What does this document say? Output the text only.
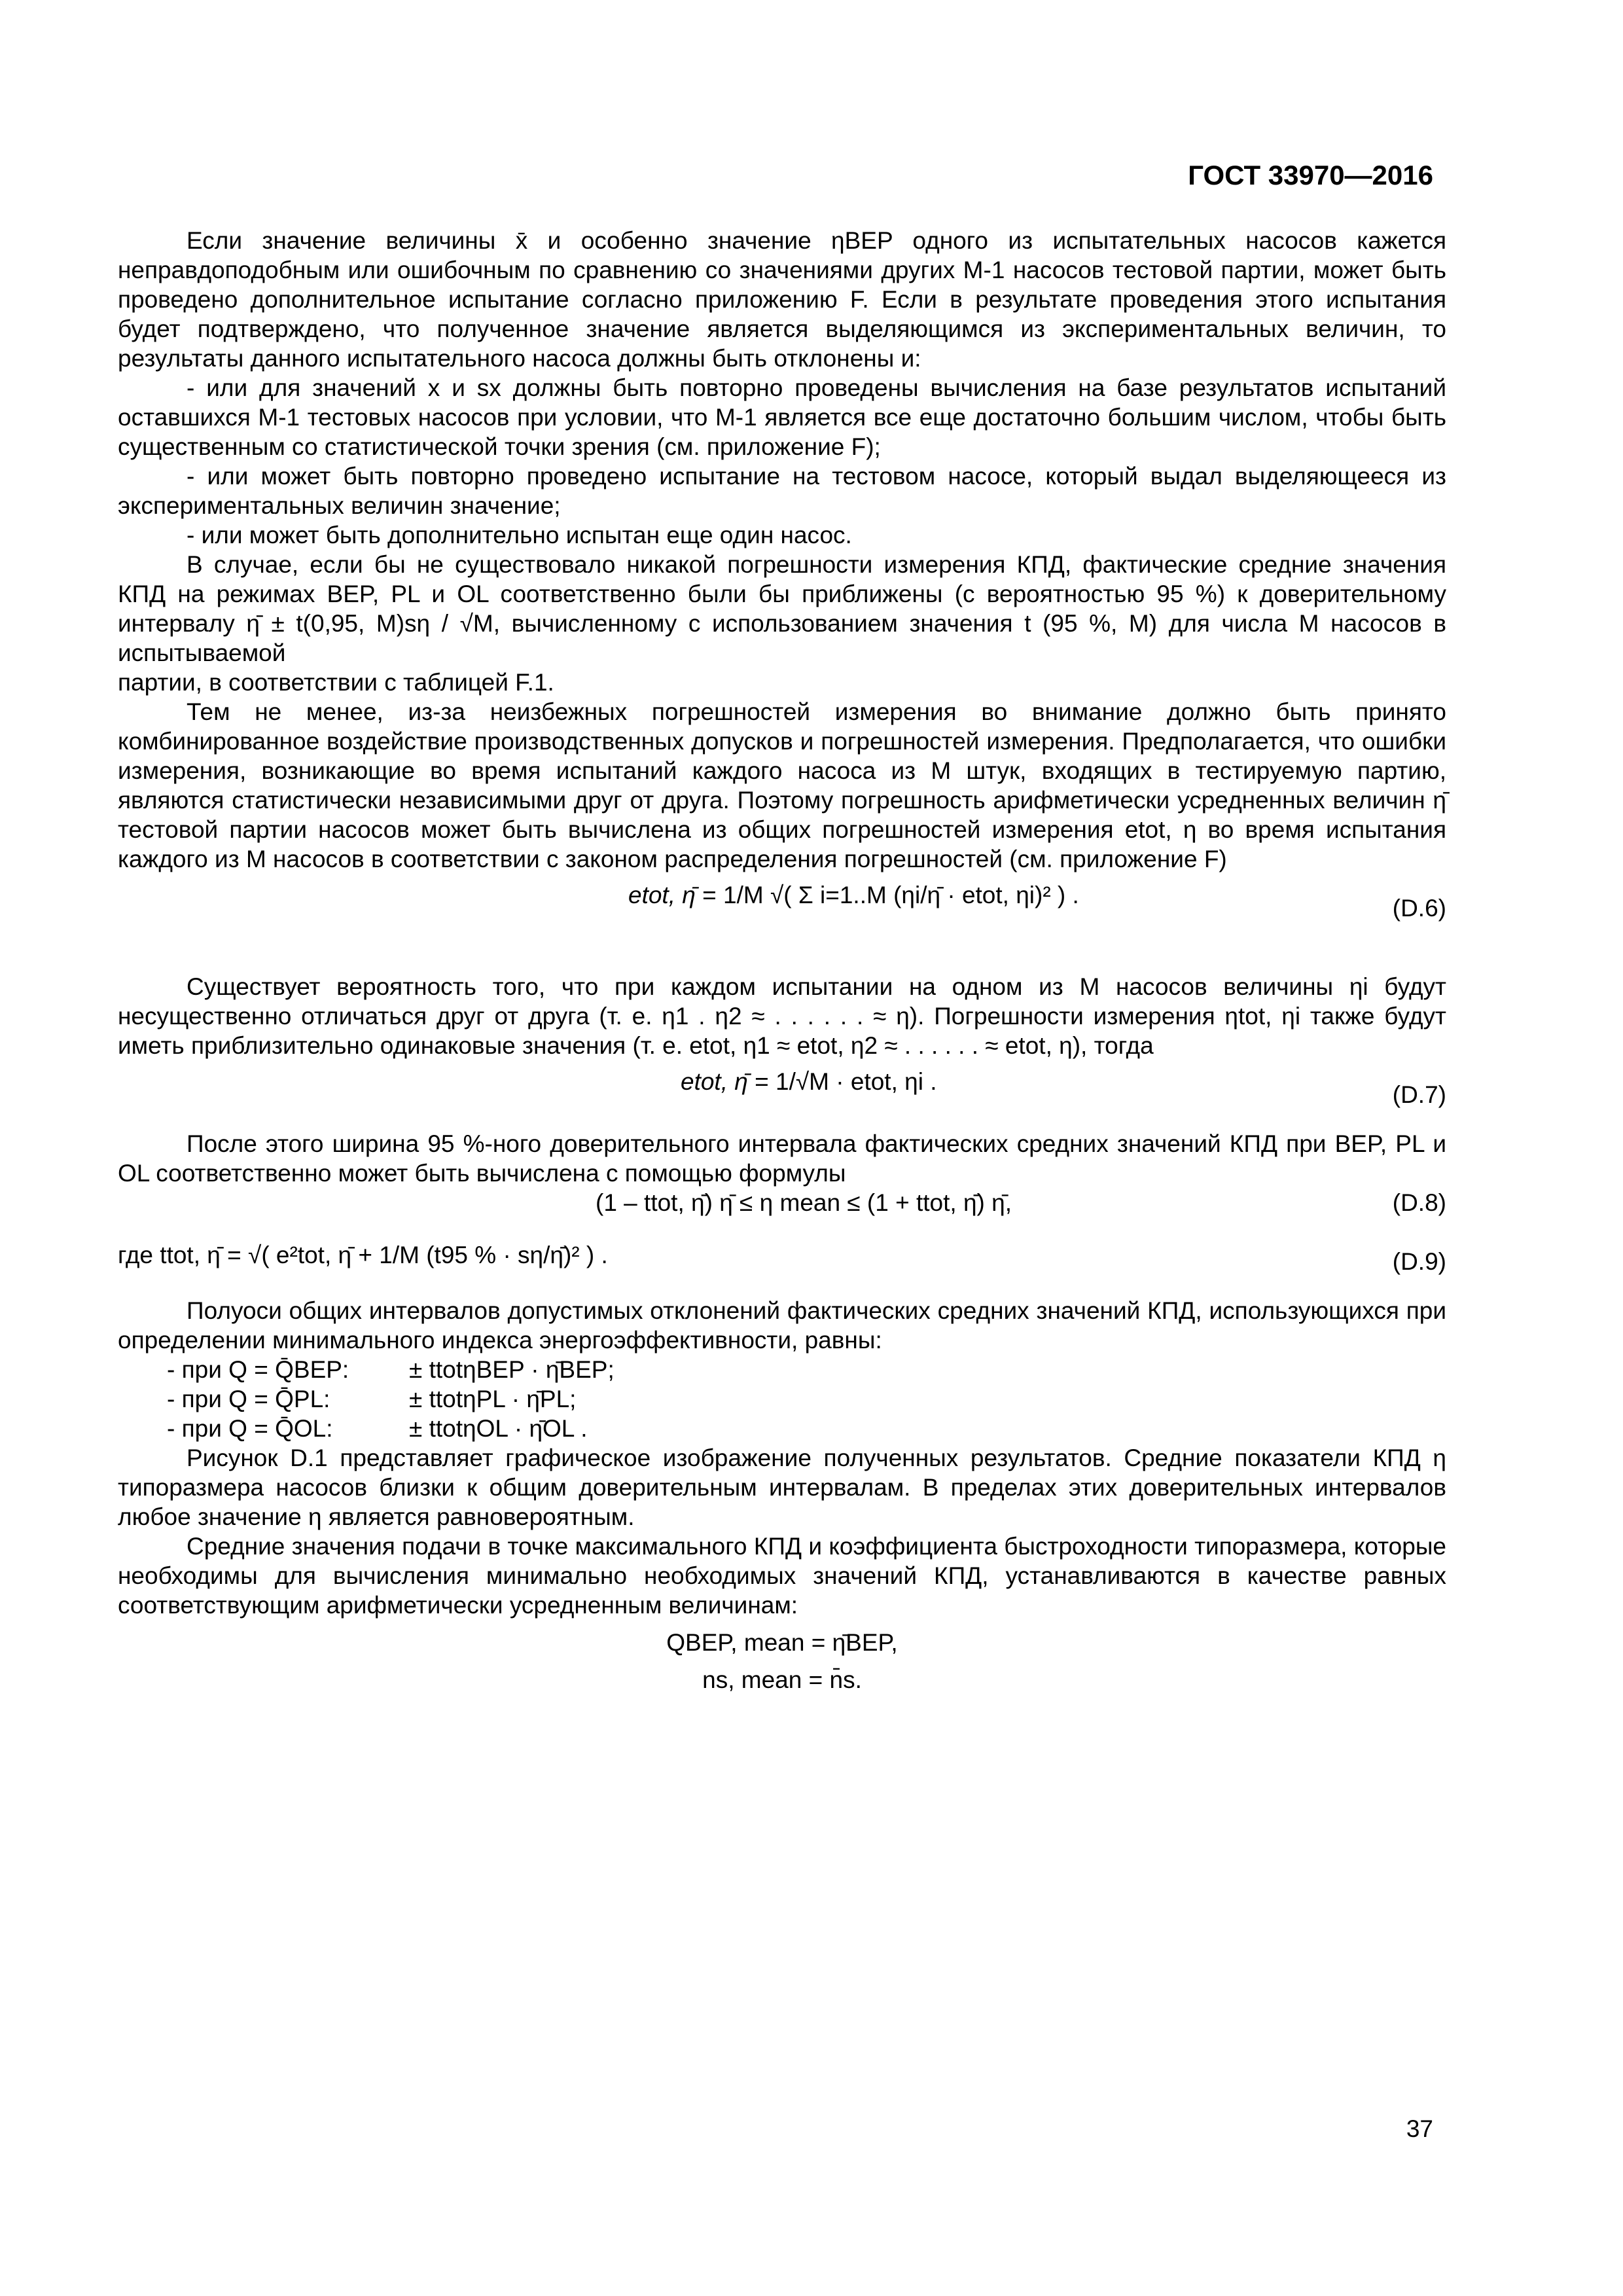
ГОСТ 33970—2016

Если значение величины x̄ и особенно значение ηBEP одного из испытательных насосов кажется неправдоподобным или ошибочным по сравнению со значениями других M-1 насосов тестовой партии, может быть проведено дополнительное испытание согласно приложению F. Если в результате проведения этого испытания будет подтверждено, что полученное значение является выделяющимся из экспериментальных величин, то результаты данного испытательного насоса должны быть отклонены и:

- или для значений x и sx должны быть повторно проведены вычисления на базе результатов испытаний оставшихся M-1 тестовых насосов при условии, что M-1 является все еще достаточно большим числом, чтобы быть существенным со статистической точки зрения (см. приложение F);

- или может быть повторно проведено испытание на тестовом насосе, который выдал выделяющееся из экспериментальных величин значение;

- или может быть дополнительно испытан еще один насос.

В случае, если бы не существовало никакой погрешности измерения КПД, фактические средние значения КПД на режимах BEP, PL и OL соответственно были бы приближены (с вероятностью 95 %) к доверительному интервалу η̄ ± t(0,95, M)sη / √M, вычисленному с использованием значения t (95 %, M) для числа M насосов в испытываемой

партии, в соответствии с таблицей F.1.

Тем не менее, из-за неизбежных погрешностей измерения во внимание должно быть принято комбинированное воздействие производственных допусков и погрешностей измерения. Предполагается, что ошибки измерения, возникающие во время испытаний каждого насоса из M штук, входящих в тестируемую партию, являются статистически независимыми друг от друга. Поэтому погрешность арифметически усредненных величин η̄ тестовой партии насосов может быть вычислена из общих погрешностей измерения etot, η во время испытания каждого из M насосов в соответствии с законом распределения погрешностей (см. приложение F)

etot, η̄ = 1/M √( Σ i=1..M (ηi/η̄ · etot, ηi)² ) .	(D.6)

Существует вероятность того, что при каждом испытании на одном из M насосов величины ηi будут несущественно отличаться друг от друга (т. е. η1 . η2 ≈ . . . . . . ≈ η). Погрешности измерения ηtot, ηi также будут иметь приблизительно одинаковые значения (т. е. etot, η1 ≈ etot, η2 ≈ . . . . . . ≈ etot, η), тогда

etot, η̄ = 1/√M · etot, ηi .	(D.7)

После этого ширина 95 %-ного доверительного интервала фактических средних значений КПД при BEP, PL и OL соответственно может быть вычислена с помощью формулы

(1 – ttot, η̄) η̄ ≤ η mean ≤ (1 + ttot, η̄) η̄,	(D.8)
где ttot, η̄ = √( e²tot, η̄ + 1/M (t95 % · sη/η̄)² ) .	(D.9)

Полуоси общих интервалов допустимых отклонений фактических средних значений КПД, использующихся при определении минимального индекса энергоэффективности, равны:

- при Q = Q̄BEP:	± ttotηBEP · η̄BEP;
- при Q = Q̄PL:	± ttotηPL · η̄PL;
- при Q = Q̄OL:	± ttotηOL · η̄OL .

Рисунок D.1 представляет графическое изображение полученных результатов. Средние показатели КПД η типоразмера насосов близки к общим доверительным интервалам. В пределах этих доверительных интервалов любое значение η является равновероятным.

Средние значения подачи в точке максимального КПД и коэффициента быстроходности типоразмера, которые необходимы для вычисления минимально необходимых значений КПД, устанавливаются в качестве равных соответствующим арифметически усредненным величинам:

QBEP, mean = η̄BEP,
ns, mean = n̄s.
37
